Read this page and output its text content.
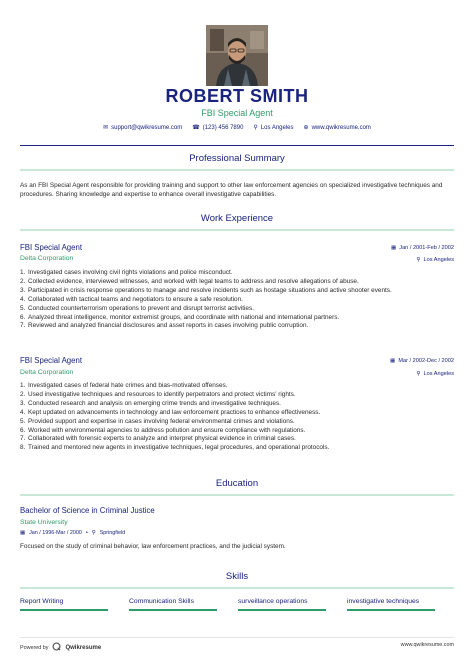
ROBERT SMITH
FBI Special Agent
✉ support@qwikresume.com ☎ (123) 456 7890 ⚲ Los Angeles ⊕ www.qwikresume.com
Professional Summary
As an FBI Special Agent responsible for providing training and support to other law enforcement agencies on specialized investigative techniques and procedures. Sharing knowledge and expertise to enhance overall investigative capabilities.
Work Experience
FBI Special Agent	▦ Jan / 2001-Feb / 2002
Delta Corporation	⚲ Los Angeles
1. Investigated cases involving civil rights violations and police misconduct.
2. Collected evidence, interviewed witnesses, and worked with legal teams to address and resolve allegations of abuse.
3. Participated in crisis response operations to manage and resolve incidents such as hostage situations and active shooter events.
4. Collaborated with tactical teams and negotiators to ensure a safe resolution.
5. Conducted counterterrorism operations to prevent and disrupt terrorist activities.
6. Analyzed threat intelligence, monitor extremist groups, and coordinate with national and international partners.
7. Reviewed and analyzed financial disclosures and asset reports in cases involving public corruption.
FBI Special Agent	▦ Mar / 2002-Dec / 2002
Delta Corporation	⚲ Los Angeles
1. Investigated cases of federal hate crimes and bias-motivated offenses.
2. Used investigative techniques and resources to identify perpetrators and protect victims' rights.
3. Conducted research and analysis on emerging crime trends and investigative techniques.
4. Kept updated on advancements in technology and law enforcement practices to enhance effectiveness.
5. Provided support and expertise in cases involving federal environmental crimes and violations.
6. Worked with environmental agencies to address pollution and ensure compliance with regulations.
7. Collaborated with forensic experts to analyze and interpret physical evidence in criminal cases.
8. Trained and mentored new agents in investigative techniques, legal procedures, and operational protocols.
Education
Bachelor of Science in Criminal Justice
State University
▦ Jan / 1996-Mar / 2000 • ⚲ Springfield
Focused on the study of criminal behavior, law enforcement practices, and the judicial system.
Skills
Report Writing	Communication Skills	surveillance operations	investigative techniques
Powered by	Qwikresume	www.qwikresume.com
